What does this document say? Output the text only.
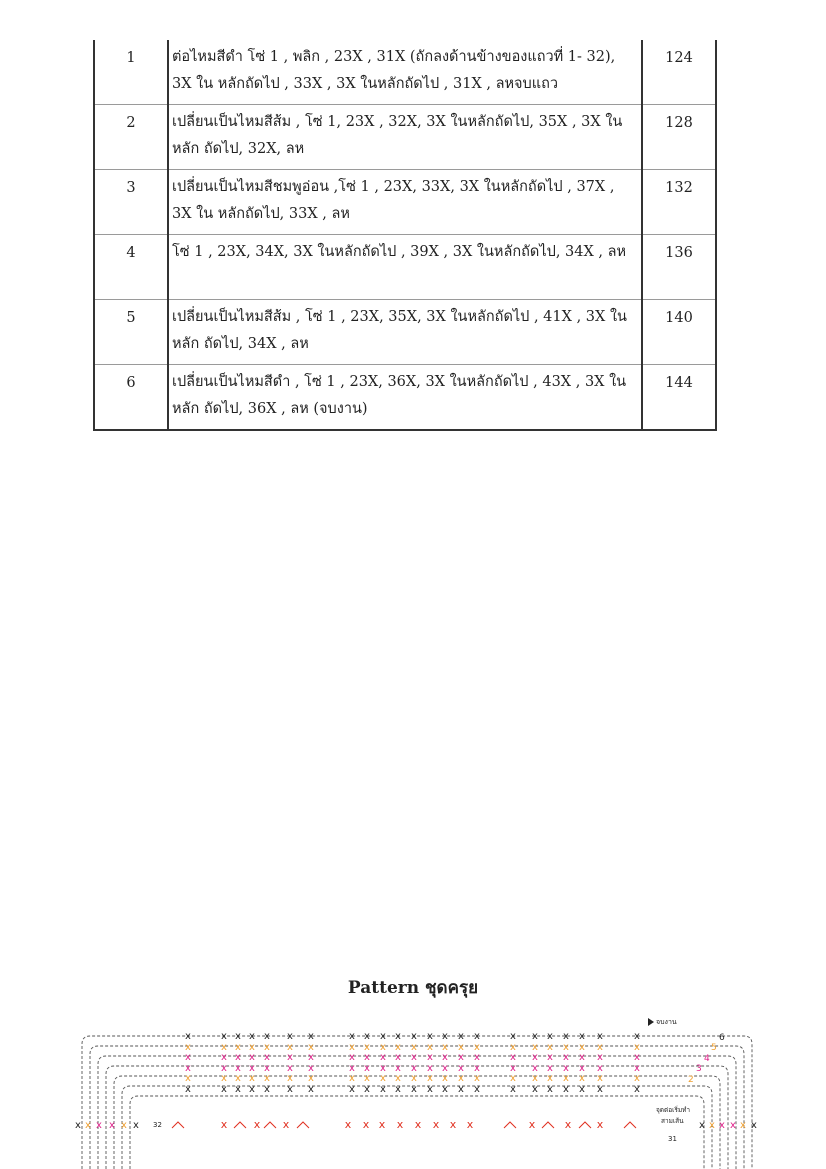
1	ต่อไหมสีดำ โซ่ 1 , พลิก , 23X , 31X (ถักลงด้านข้างของแถวที่ 1- 32), 3X ใน หลักถัดไป , 33X , 3X ในหลักถัดไป , 31X , ลหจบแถว	124
2	เปลี่ยนเป็นไหมสีส้ม , โซ่ 1, 23X , 32X, 3X ในหลักถัดไป, 35X , 3X ในหลัก ถัดไป, 32X, ลห	128
3	เปลี่ยนเป็นไหมสีชมพูอ่อน ,โซ่ 1 , 23X, 33X, 3X ในหลักถัดไป , 37X , 3X ใน หลักถัดไป, 33X , ลห	132
4	โซ่ 1 , 23X, 34X, 3X ในหลักถัดไป , 39X , 3X ในหลักถัดไป, 34X , ลห	136
5	เปลี่ยนเป็นไหมสีส้ม , โซ่ 1 , 23X, 35X, 3X ในหลักถัดไป , 41X , 3X ในหลัก ถัดไป, 34X , ลห	140
6	เปลี่ยนเป็นไหมสีดำ , โซ่ 1 , 23X, 36X, 3X ในหลักถัดไป , 43X , 3X ในหลัก ถัดไป, 36X , ลห (จบงาน)	144
Pattern ชุดครุย
x	x x x x x x	x x x x x x x x x	x x x x x x	x
x	x x x x x x	x x x x x x x x x	x x x x x x	x
x	x x x x x x	x x x x x x x x x	x x x x x x	x
x	x x x x x x	x x x x x x x x x	x x x x x x	x
x	x x x x x x	x x x x x x x x x	x x x x x x	x
x	x x x x x x	x x x x x x x x x	x x x x x x	x
x x x	x x x x x x x x	x	x x
x x x x x x	x x x x x x
จบงาน
6
5
4
3
2
จุดต่อเริ่มทำ
สามเส้น
32
31
